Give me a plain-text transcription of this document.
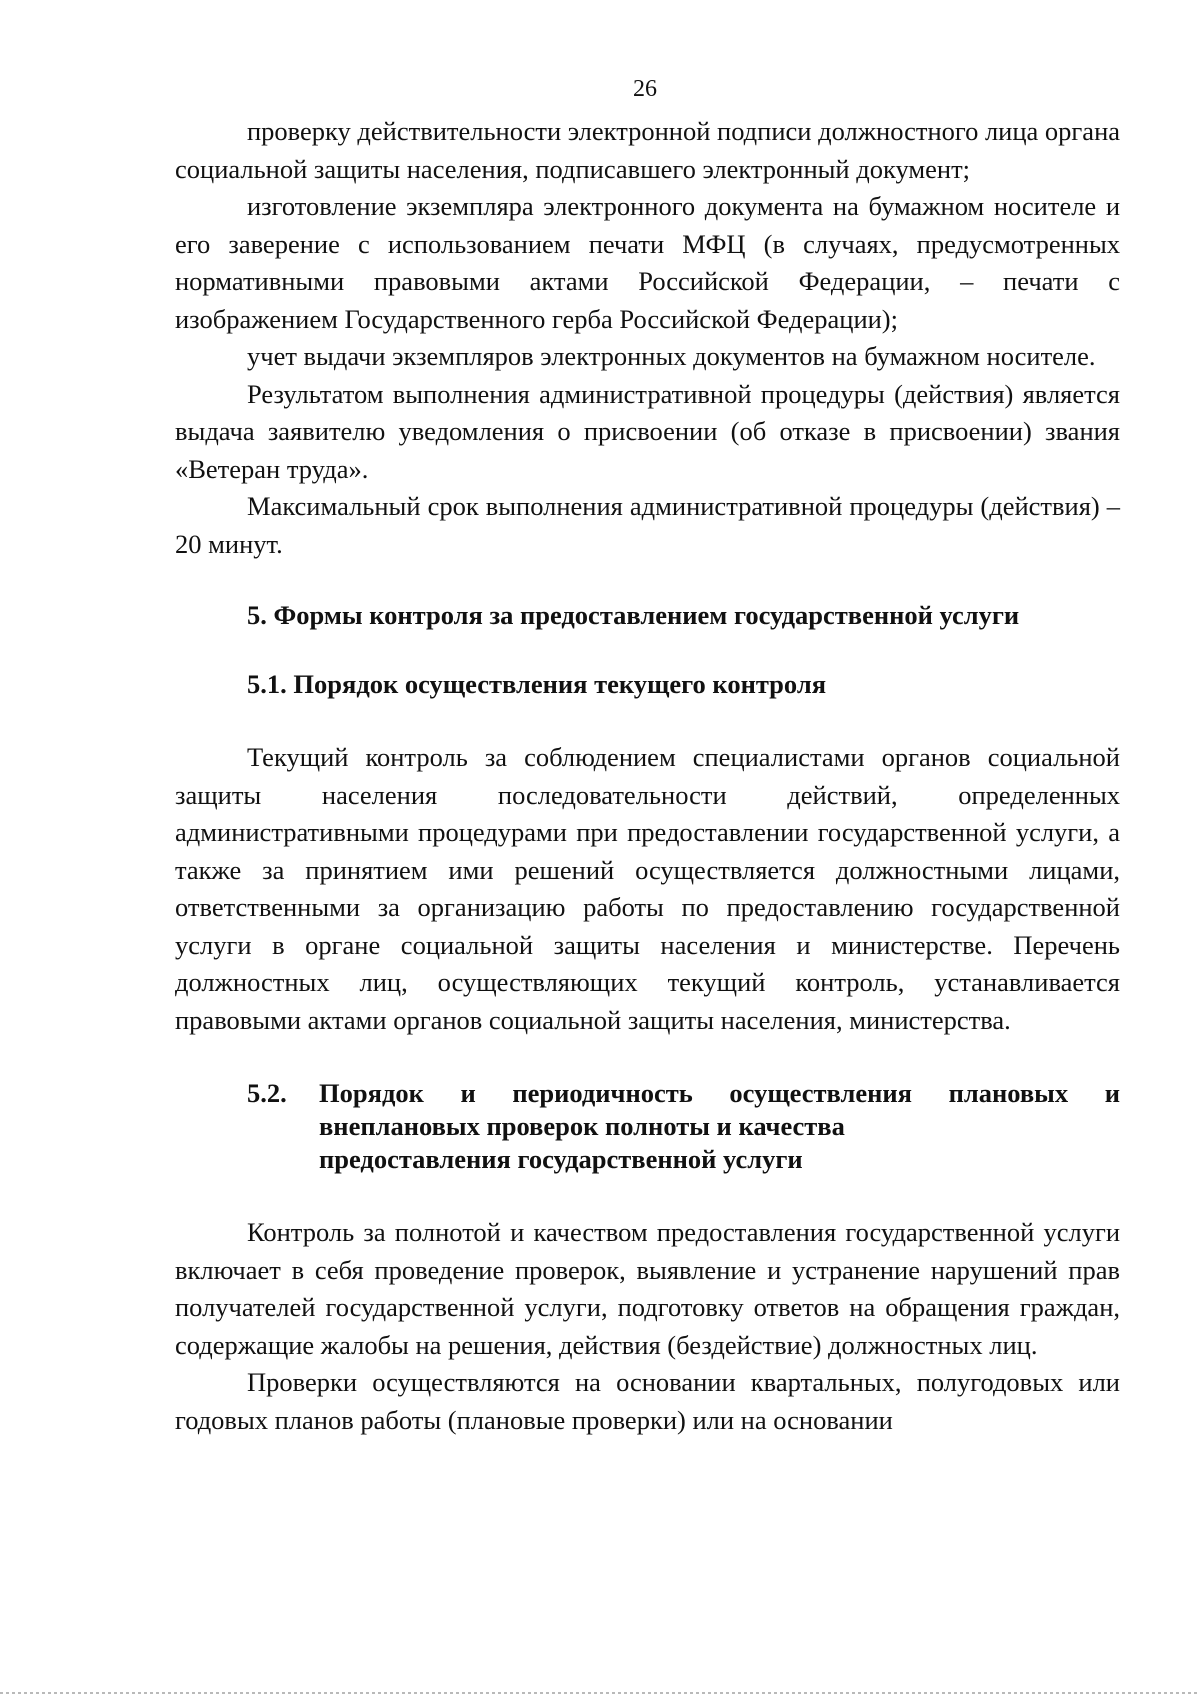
26

проверку действительности электронной подписи должностного лица органа социальной защиты населения, подписавшего электронный документ;

изготовление экземпляра электронного документа на бумажном носителе и его заверение с использованием печати МФЦ (в случаях, предусмотренных нормативными правовыми актами Российской Федерации, – печати с изображением Государственного герба Российской Федерации);

учет выдачи экземпляров электронных документов на бумажном носителе.

Результатом выполнения административной процедуры (действия) является выдача заявителю уведомления о присвоении (об отказе в присвоении) звания «Ветеран труда».

Максимальный срок выполнения административной процедуры (действия) – 20 минут.

5. Формы контроля за предоставлением государственной услуги

5.1. Порядок осуществления текущего контроля

Текущий контроль за соблюдением специалистами органов социальной защиты населения последовательности действий, определенных административными процедурами при предоставлении государственной услуги, а также за принятием ими решений осуществляется должностными лицами, ответственными за организацию работы по предоставлению государственной услуги в органе социальной защиты населения и министерстве. Перечень должностных лиц, осуществляющих текущий контроль, устанавливается правовыми актами органов социальной защиты населения, министерства.

5.2.	Порядок и периодичность осуществления плановых и внеплановых проверок полноты и качества
предоставления государственной услуги

Контроль за полнотой и качеством предоставления государственной услуги включает в себя проведение проверок, выявление и устранение нарушений прав получателей государственной услуги, подготовку ответов на обращения граждан, содержащие жалобы на решения, действия (бездействие) должностных лиц.

Проверки осуществляются на основании квартальных, полугодовых или годовых планов работы (плановые проверки) или на основании
